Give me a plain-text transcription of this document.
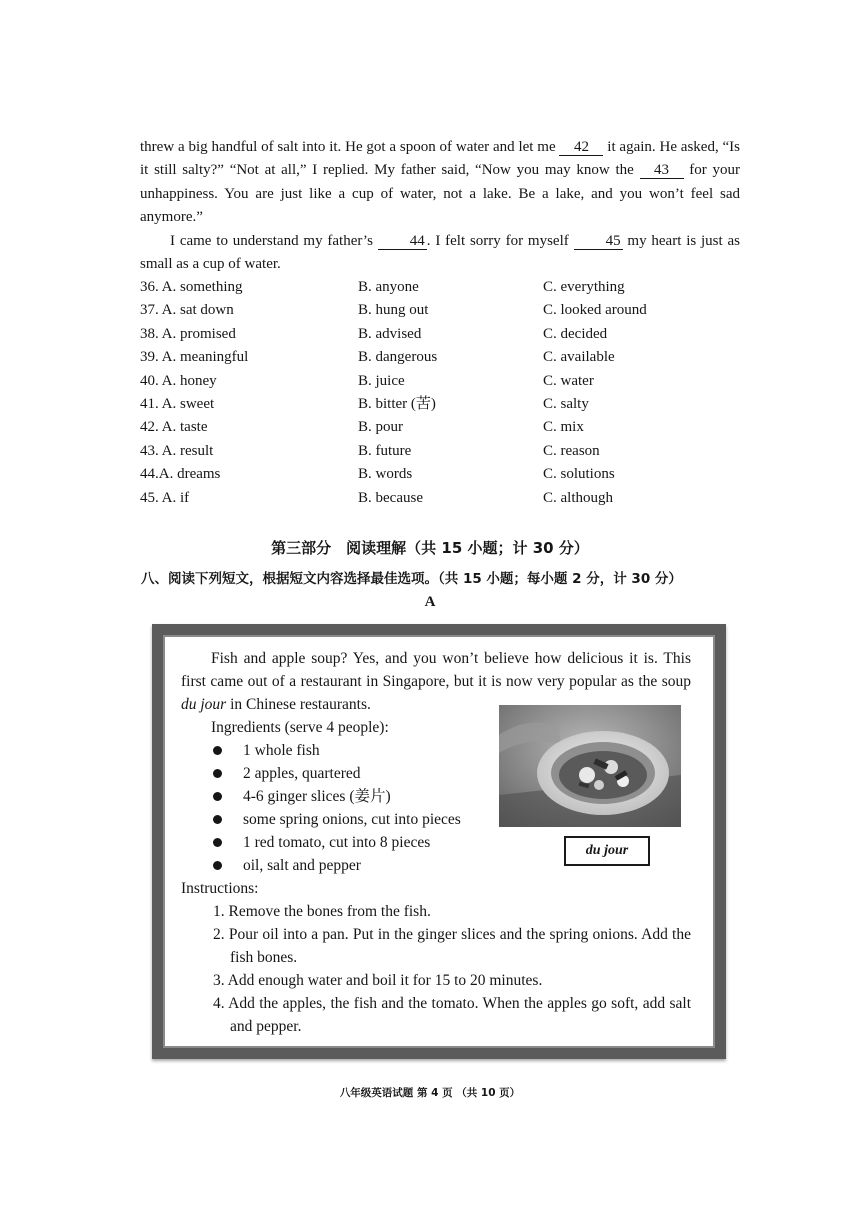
threw a big handful of salt into it. He got a spoon of water and let me 42 it again. He asked, “Is it still salty?” “Not at all,” I replied. My father said, “Now you may know the 43 for your unhappiness. You are just like a cup of water, not a lake. Be a lake, and you won’t feel sad anymore.”

I came to understand my father’s 44 . I felt sorry for myself 45 my heart is just as small as a cup of water.

36. A. something	B. anyone	C. everything
37. A. sat down	B. hung out	C. looked around
38. A. promised	B. advised	C. decided
39. A. meaningful	B. dangerous	C. available
40. A. honey	B. juice	C. water
41. A. sweet	B. bitter (苦)	C. salty
42. A. taste	B. pour	C. mix
43. A. result	B. future	C. reason
44.A. dreams	B. words	C. solutions
45. A. if	B. because	C. although
第三部分　阅读理解（共 15 小题；计 30 分）
八、阅读下列短文，根据短文内容选择最佳选项。（共 15 小题；每小题 2 分，计 30 分）
A

Fish and apple soup? Yes, and you won’t believe how delicious it is. This first came out of a restaurant in Singapore, but it is now very popular as the soup du jour in Chinese restaurants.

Ingredients (serve 4 people):

1 whole fish
2 apples, quartered
4-6 ginger slices (姜片)
some spring onions, cut into pieces
1 red tomato, cut into 8 pieces
oil, salt and pepper

Instructions:

1. Remove the bones from the fish.
2. Pour oil into a pan. Put in the ginger slices and the spring onions. Add the fish bones.
3. Add enough water and boil it for 15 to 20 minutes.
4. Add the apples, the fish and the tomato. When the apples go soft, add salt and pepper.
du jour
八年级英语试题 第 4 页 （共 10 页）
